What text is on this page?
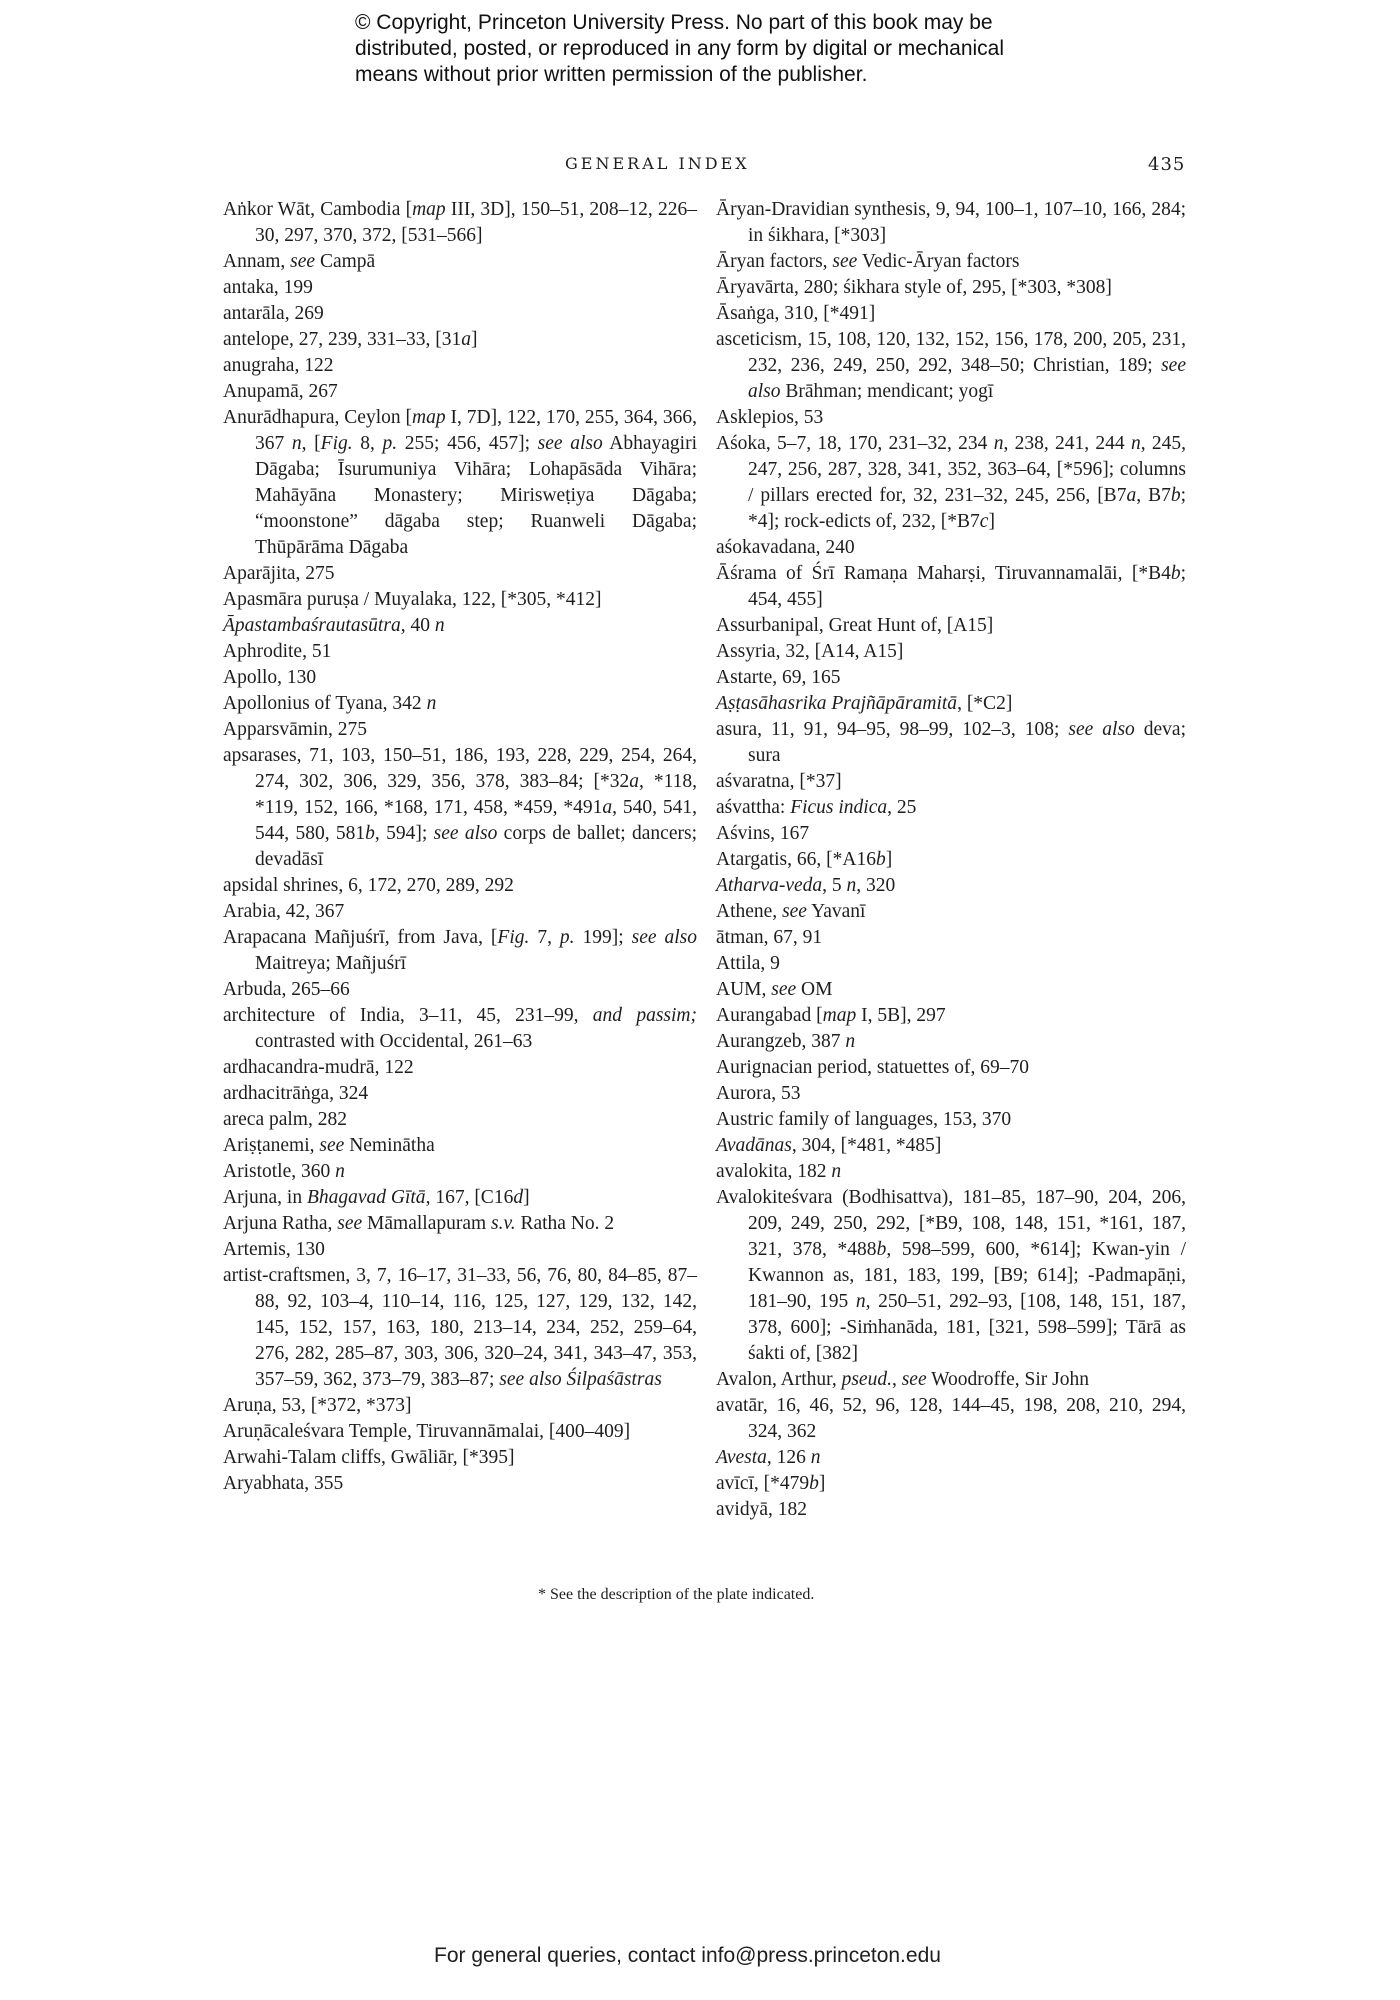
© Copyright, Princeton University Press. No part of this book may be
distributed, posted, or reproduced in any form by digital or mechanical
means without prior written permission of the publisher.
GENERAL INDEX	435

Aṅkor Wāt, Cambodia [map III, 3D], 150–51, 208–12, 226–30, 297, 370, 372, [531–566]

Annam, see Campā

antaka, 199

antarāla, 269

antelope, 27, 239, 331–33, [31a]

anugraha, 122

Anupamā, 267

Anurādhapura, Ceylon [map I, 7D], 122, 170, 255, 364, 366, 367 n, [Fig. 8, p. 255; 456, 457]; see also Abhayagiri Dāgaba; Īsurumuniya Vihāra; Lohapāsāda Vihāra; Mahāyāna Monastery; Mirisweṭiya Dāgaba; “moonstone” dāgaba step; Ruanweli Dāgaba; Thūpārāma Dāgaba

Aparājita, 275

Apasmāra puruṣa / Muyalaka, 122, [*305, *412]

Āpastambaśrautasūtra, 40 n

Aphrodite, 51

Apollo, 130

Apollonius of Tyana, 342 n

Apparsvāmin, 275

apsarases, 71, 103, 150–51, 186, 193, 228, 229, 254, 264, 274, 302, 306, 329, 356, 378, 383–84; [*32a, *118, *119, 152, 166, *168, 171, 458, *459, *491a, 540, 541, 544, 580, 581b, 594]; see also corps de ballet; dancers; devadāsī

apsidal shrines, 6, 172, 270, 289, 292

Arabia, 42, 367

Arapacana Mañjuśrī, from Java, [Fig. 7, p. 199]; see also Maitreya; Mañjuśrī

Arbuda, 265–66

architecture of India, 3–11, 45, 231–99, and passim; contrasted with Occidental, 261–63

ardhacandra-mudrā, 122

ardhacitrāṅga, 324

areca palm, 282

Ariṣṭanemi, see Neminātha

Aristotle, 360 n

Arjuna, in Bhagavad Gītā, 167, [C16d]

Arjuna Ratha, see Māmallapuram s.v. Ratha No. 2

Artemis, 130

artist-craftsmen, 3, 7, 16–17, 31–33, 56, 76, 80, 84–85, 87–88, 92, 103–4, 110–14, 116, 125, 127, 129, 132, 142, 145, 152, 157, 163, 180, 213–14, 234, 252, 259–64, 276, 282, 285–87, 303, 306, 320–24, 341, 343–47, 353, 357–59, 362, 373–79, 383–87; see also Śilpaśāstras

Aruṇa, 53, [*372, *373]

Aruṇācaleśvara Temple, Tiruvannāmalai, [400–409]

Arwahi-Talam cliffs, Gwāliār, [*395]

Aryabhata, 355

Āryan-Dravidian synthesis, 9, 94, 100–1, 107–10, 166, 284; in śikhara, [*303]

Āryan factors, see Vedic-Āryan factors

Āryavārta, 280; śikhara style of, 295, [*303, *308]

Āsaṅga, 310, [*491]

asceticism, 15, 108, 120, 132, 152, 156, 178, 200, 205, 231, 232, 236, 249, 250, 292, 348–50; Christian, 189; see also Brāhman; mendicant; yogī

Asklepios, 53

Aśoka, 5–7, 18, 170, 231–32, 234 n, 238, 241, 244 n, 245, 247, 256, 287, 328, 341, 352, 363–64, [*596]; columns / pillars erected for, 32, 231–32, 245, 256, [B7a, B7b; *4]; rock-edicts of, 232, [*B7c]

aśokavadana, 240

Āśrama of Śrī Ramaṇa Maharṣi, Tiruvannamalāi, [*B4b; 454, 455]

Assurbanipal, Great Hunt of, [A15]

Assyria, 32, [A14, A15]

Astarte, 69, 165

Aṣṭasāhasrika Prajñāpāramitā, [*C2]

asura, 11, 91, 94–95, 98–99, 102–3, 108; see also deva; sura

aśvaratna, [*37]

aśvattha: Ficus indica, 25

Aśvins, 167

Atargatis, 66, [*A16b]

Atharva-veda, 5 n, 320

Athene, see Yavanī

ātman, 67, 91

Attila, 9

AUM, see OM

Aurangabad [map I, 5B], 297

Aurangzeb, 387 n

Aurignacian period, statuettes of, 69–70

Aurora, 53

Austric family of languages, 153, 370

Avadānas, 304, [*481, *485]

avalokita, 182 n

Avalokiteśvara (Bodhisattva), 181–85, 187–90, 204, 206, 209, 249, 250, 292, [*B9, 108, 148, 151, *161, 187, 321, 378, *488b, 598–599, 600, *614]; Kwan-yin / Kwannon as, 181, 183, 199, [B9; 614]; -Padmapāṇi, 181–90, 195 n, 250–51, 292–93, [108, 148, 151, 187, 378, 600]; -Siṁhanāda, 181, [321, 598–599]; Tārā as śakti of, [382]

Avalon, Arthur, pseud., see Woodroffe, Sir John

avatār, 16, 46, 52, 96, 128, 144–45, 198, 208, 210, 294, 324, 362

Avesta, 126 n

avīcī, [*479b]

avidyā, 182

* See the description of the plate indicated.
For general queries, contact info@press.princeton.edu
